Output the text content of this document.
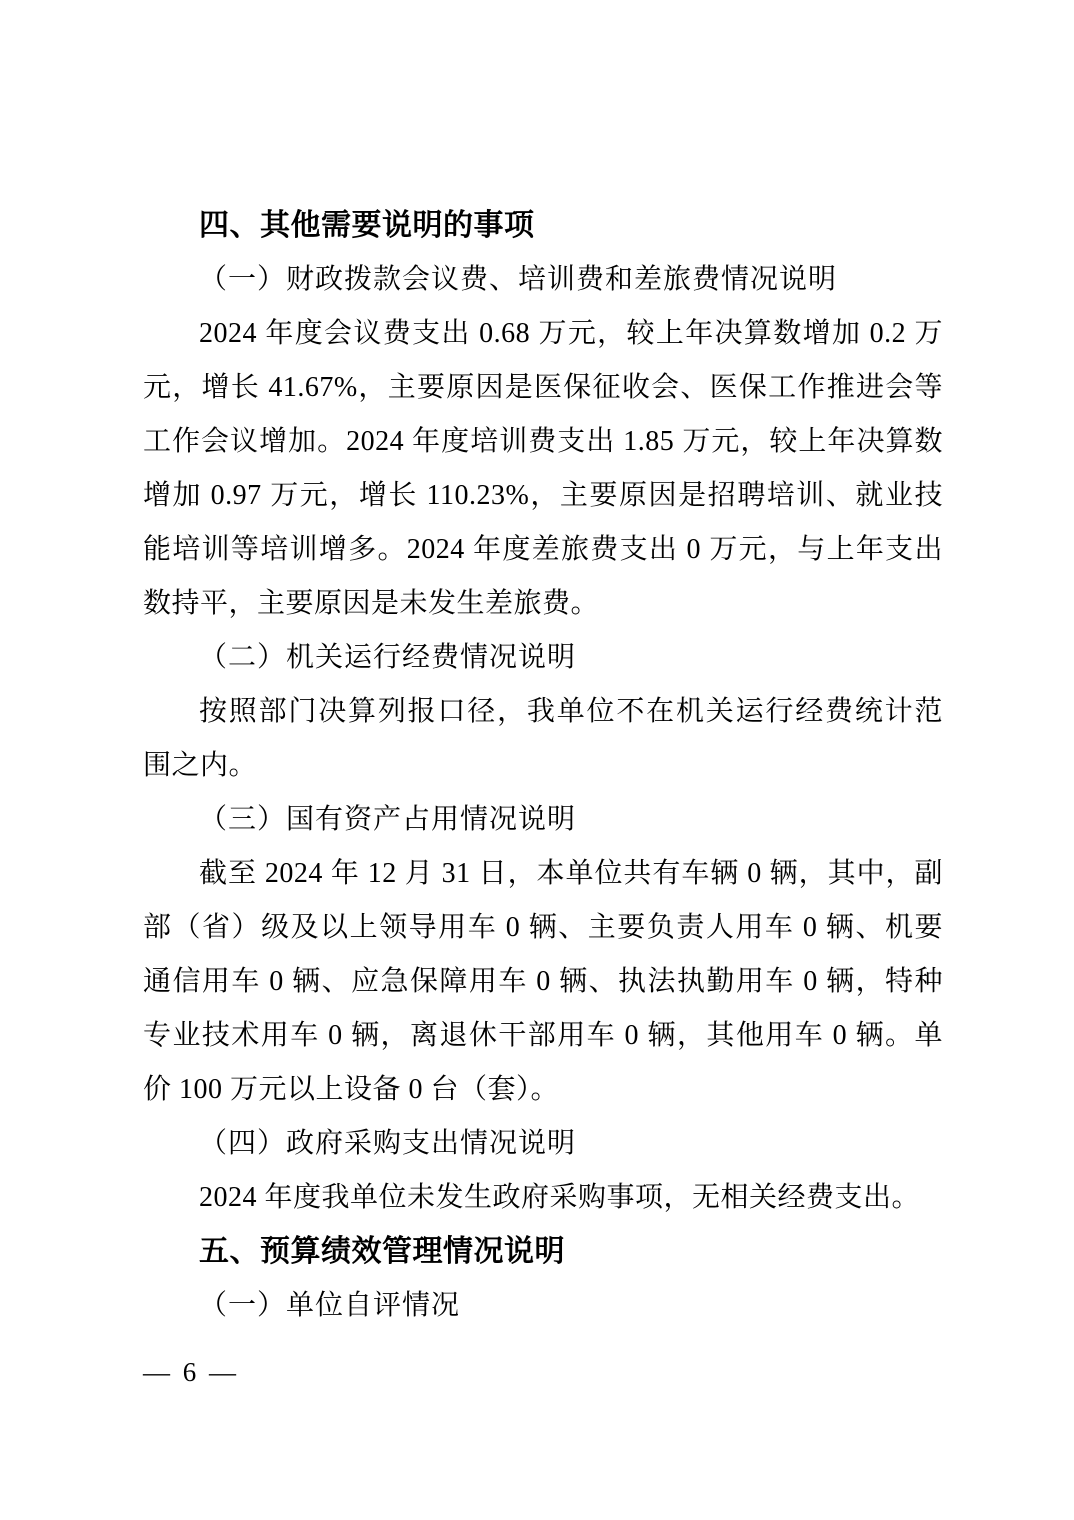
四、其他需要说明的事项
（一）财政拨款会议费、培训费和差旅费情况说明
2024 年度会议费支出 0.68 万元，较上年决算数增加 0.2 万
元，增长 41.67%，主要原因是医保征收会、医保工作推进会等
工作会议增加。2024 年度培训费支出 1.85 万元，较上年决算数
增加 0.97 万元，增长 110.23%，主要原因是招聘培训、就业技
能培训等培训增多。2024 年度差旅费支出 0 万元，与上年支出
数持平，主要原因是未发生差旅费。
（二）机关运行经费情况说明
按照部门决算列报口径，我单位不在机关运行经费统计范
围之内。
（三）国有资产占用情况说明
截至 2024 年 12 月 31 日，本单位共有车辆 0 辆，其中，副
部（省）级及以上领导用车 0 辆、主要负责人用车 0 辆、机要
通信用车 0 辆、应急保障用车 0 辆、执法执勤用车 0 辆，特种
专业技术用车 0 辆，离退休干部用车 0 辆，其他用车 0 辆。单
价 100 万元以上设备 0 台（套）。
（四）政府采购支出情况说明
2024 年度我单位未发生政府采购事项，无相关经费支出。
五、预算绩效管理情况说明
（一）单位自评情况
— 6 —
